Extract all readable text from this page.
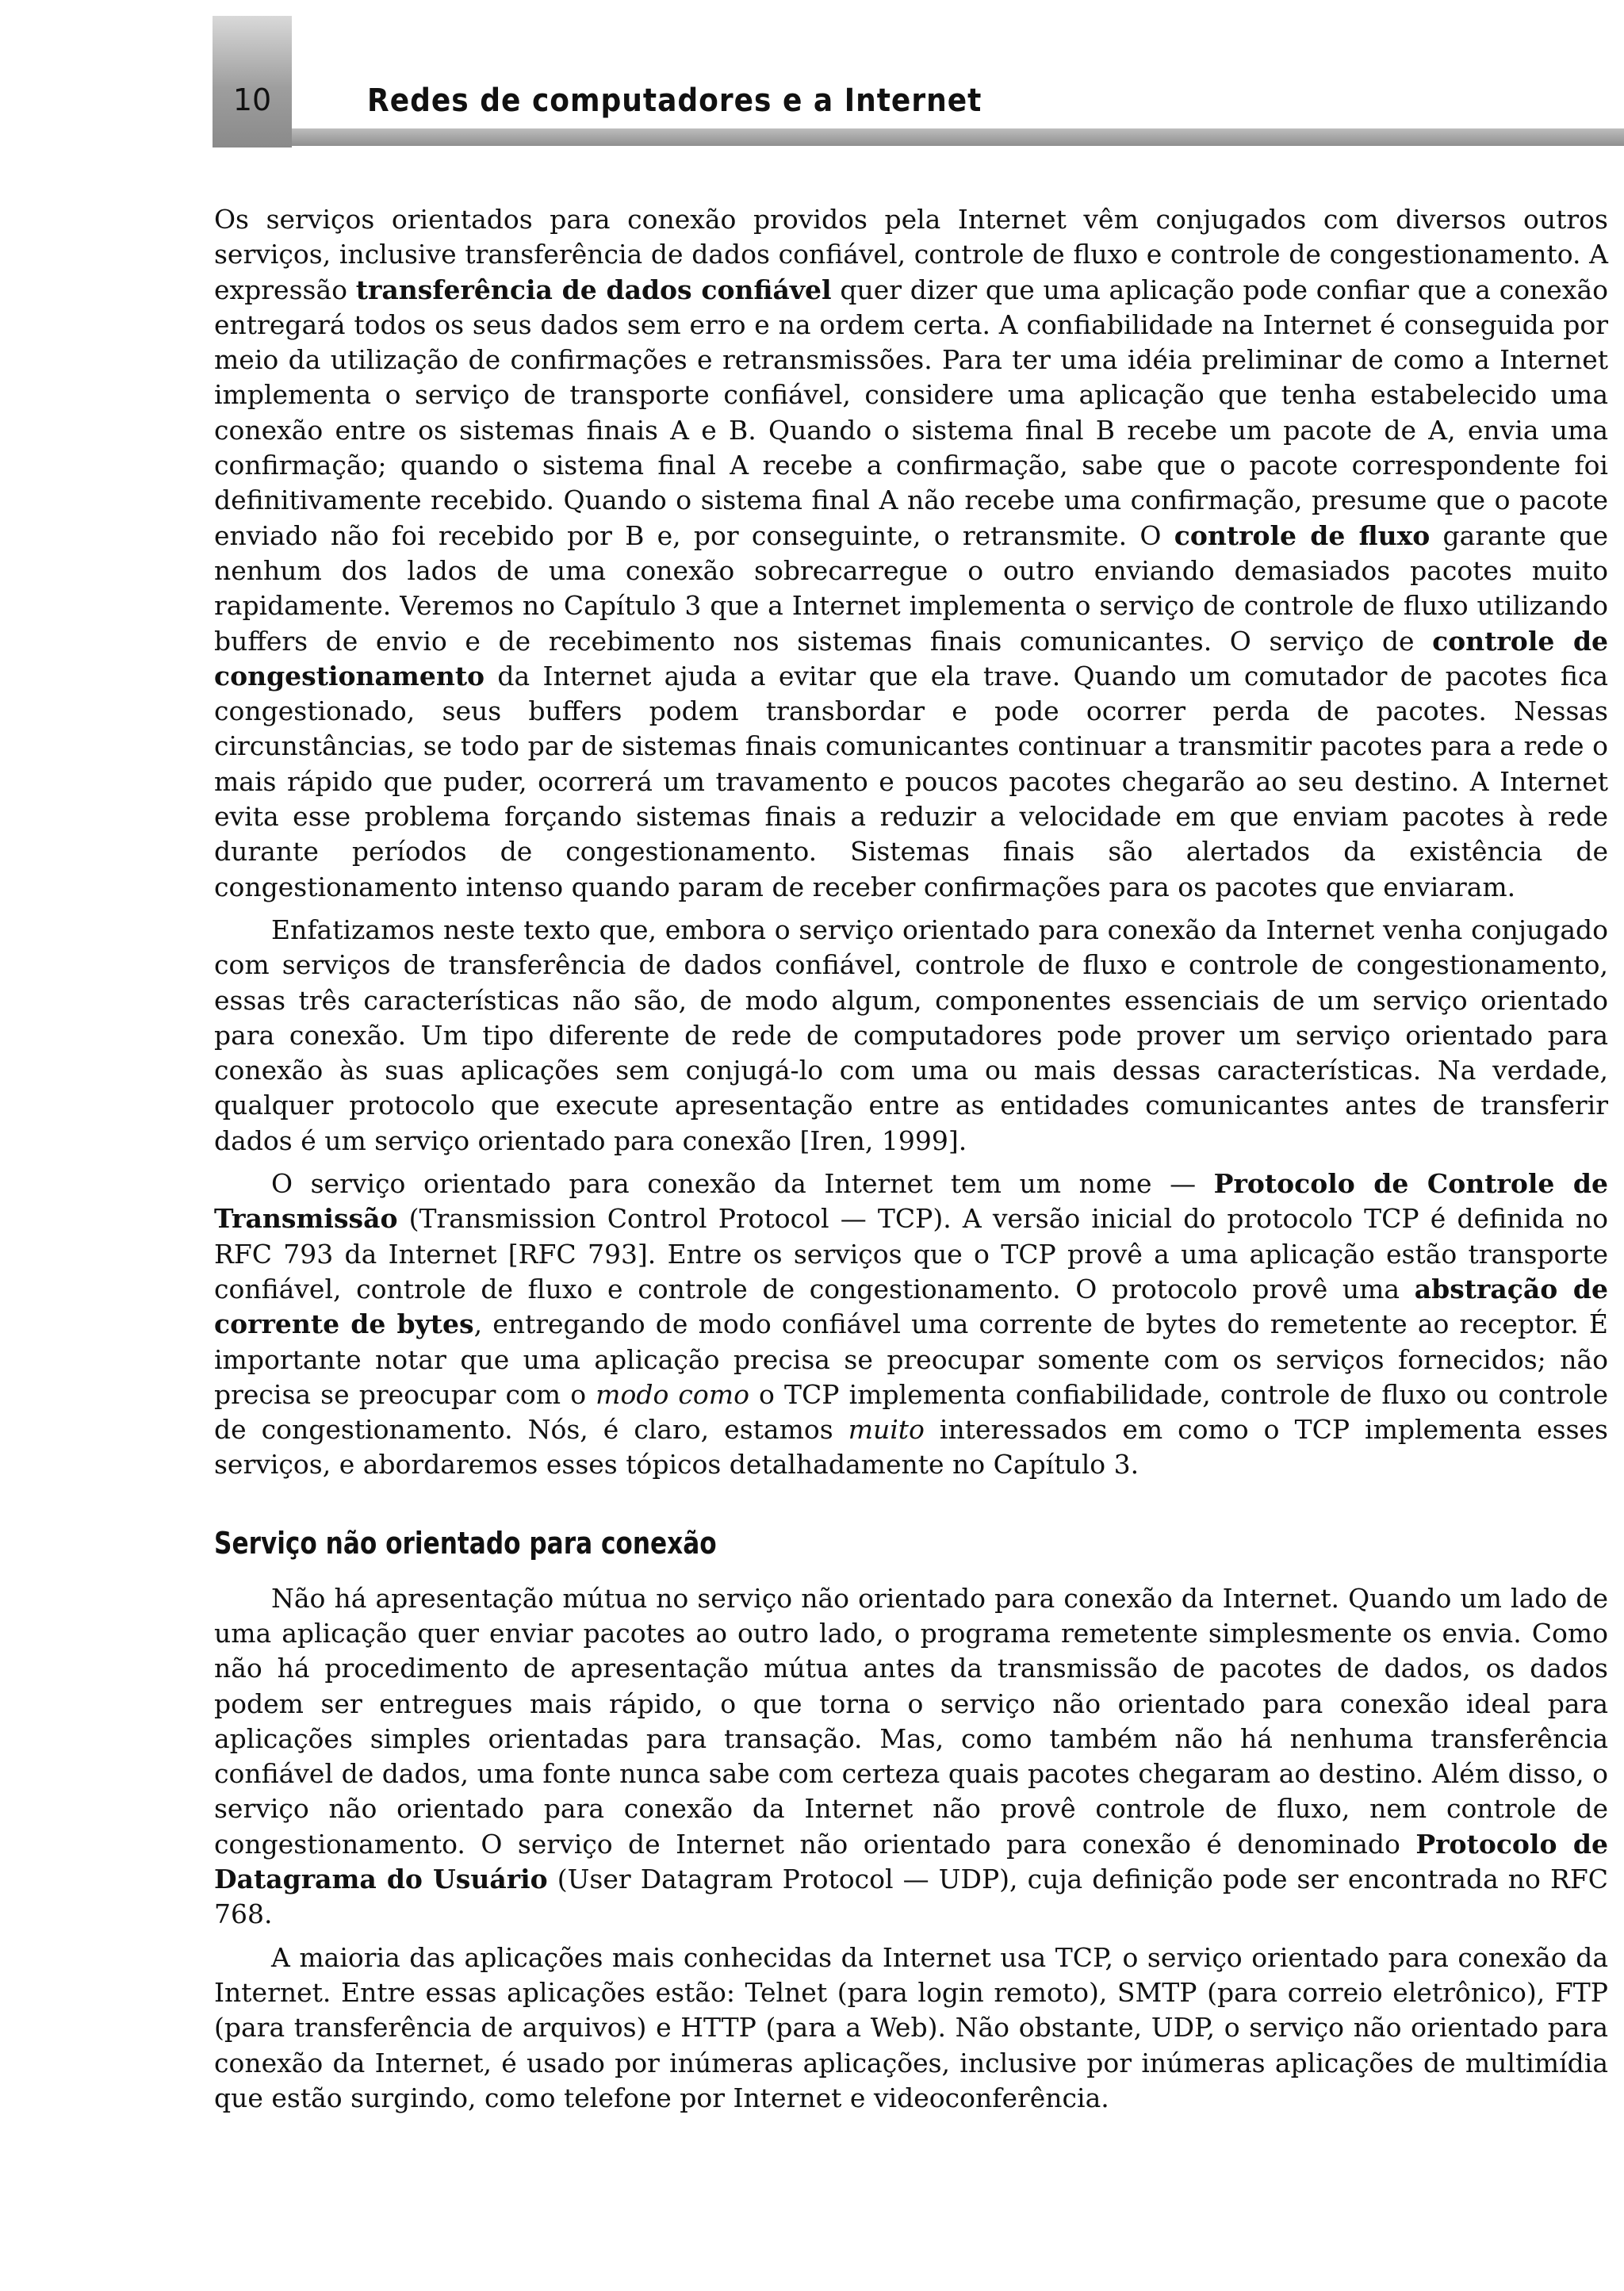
10	Redes de computadores e a Internet

Os serviços orientados para conexão providos pela Internet vêm conjugados com diversos outros serviços, inclusive transferência de dados confiável, controle de fluxo e controle de congestionamento. A expressão transferência de dados confiável quer dizer que uma aplicação pode confiar que a conexão entregará todos os seus dados sem erro e na ordem certa. A confiabilidade na Internet é conseguida por meio da utilização de confirmações e retransmissões. Para ter uma idéia preliminar de como a Internet implementa o serviço de transporte confiável, considere uma aplicação que tenha estabelecido uma conexão entre os sistemas finais A e B. Quando o sistema final B recebe um pacote de A, envia uma confirmação; quando o sistema final A recebe a confirmação, sabe que o pacote correspondente foi definitivamente recebido. Quando o sistema final A não recebe uma confirmação, presume que o pacote enviado não foi recebido por B e, por conseguinte, o retransmite. O controle de fluxo garante que nenhum dos lados de uma conexão sobrecarregue o outro enviando demasiados pacotes muito rapidamente. Veremos no Capítulo 3 que a Internet implementa o serviço de controle de fluxo utilizando buffers de envio e de recebimento nos sistemas finais comunicantes. O serviço de controle de congestionamento da Internet ajuda a evitar que ela trave. Quando um comutador de pacotes fica congestionado, seus buffers podem transbordar e pode ocorrer perda de pacotes. Nessas circunstâncias, se todo par de sistemas finais comunicantes continuar a transmitir pacotes para a rede o mais rápido que puder, ocorrerá um travamento e poucos pacotes chegarão ao seu destino. A Internet evita esse problema forçando sistemas finais a reduzir a velocidade em que enviam pacotes à rede durante períodos de congestionamento. Sistemas finais são alertados da existência de congestionamento intenso quando param de receber confirmações para os pacotes que enviaram.

Enfatizamos neste texto que, embora o serviço orientado para conexão da Internet venha conjugado com serviços de transferência de dados confiável, controle de fluxo e controle de congestionamento, essas três características não são, de modo algum, componentes essenciais de um serviço orientado para conexão. Um tipo diferente de rede de computadores pode prover um serviço orientado para conexão às suas aplicações sem conjugá-lo com uma ou mais dessas características. Na verdade, qualquer protocolo que execute apresentação entre as entidades comunicantes antes de transferir dados é um serviço orientado para conexão [Iren, 1999].

O serviço orientado para conexão da Internet tem um nome — Protocolo de Controle de Transmissão (Transmission Control Protocol — TCP). A versão inicial do protocolo TCP é definida no RFC 793 da Internet [RFC 793]. Entre os serviços que o TCP provê a uma aplicação estão transporte confiável, controle de fluxo e controle de congestionamento. O protocolo provê uma abstração de corrente de bytes, entregando de modo confiável uma corrente de bytes do remetente ao receptor. É importante notar que uma aplicação precisa se preocupar somente com os serviços fornecidos; não precisa se preocupar com o modo como o TCP implementa confiabilidade, controle de fluxo ou controle de congestionamento. Nós, é claro, estamos muito interessados em como o TCP implementa esses serviços, e abordaremos esses tópicos detalhadamente no Capítulo 3.

Serviço não orientado para conexão

Não há apresentação mútua no serviço não orientado para conexão da Internet. Quando um lado de uma aplicação quer enviar pacotes ao outro lado, o programa remetente simplesmente os envia. Como não há procedimento de apresentação mútua antes da transmissão de pacotes de dados, os dados podem ser entregues mais rápido, o que torna o serviço não orientado para conexão ideal para aplicações simples orientadas para transação. Mas, como também não há nenhuma transferência confiável de dados, uma fonte nunca sabe com certeza quais pacotes chegaram ao destino. Além disso, o serviço não orientado para conexão da Internet não provê controle de fluxo, nem controle de congestionamento. O serviço de Internet não orientado para conexão é denominado Protocolo de Datagrama do Usuário (User Datagram Protocol — UDP), cuja definição pode ser encontrada no RFC 768.

A maioria das aplicações mais conhecidas da Internet usa TCP, o serviço orientado para conexão da Internet. Entre essas aplicações estão: Telnet (para login remoto), SMTP (para correio eletrônico), FTP (para transferência de arquivos) e HTTP (para a Web). Não obstante, UDP, o serviço não orientado para conexão da Internet, é usado por inúmeras aplicações, inclusive por inúmeras aplicações de multimídia que estão surgindo, como telefone por Internet e videoconferência.
